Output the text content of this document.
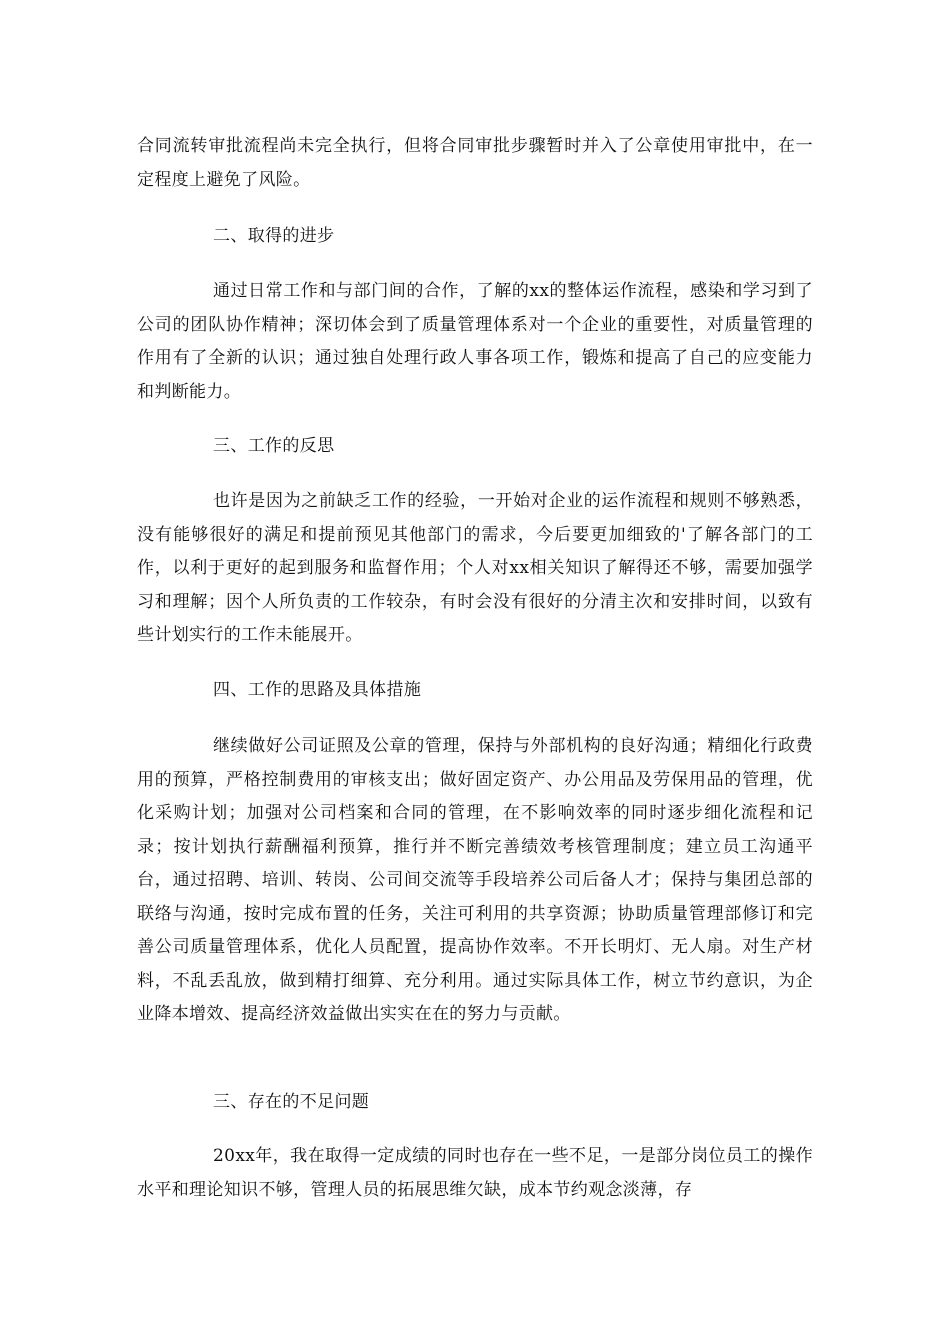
合同流转审批流程尚未完全执行，但将合同审批步骤暂时并入了公章使用审批中，在一定程度上避免了风险。

二、取得的进步

通过日常工作和与部门间的合作，了解的xx的整体运作流程，感染和学习到了公司的团队协作精神；深切体会到了质量管理体系对一个企业的重要性，对质量管理的作用有了全新的认识；通过独自处理行政人事各项工作，锻炼和提高了自己的应变能力和判断能力。

三、工作的反思

也许是因为之前缺乏工作的经验，一开始对企业的运作流程和规则不够熟悉，没有能够很好的满足和提前预见其他部门的需求，今后要更加细致的'了解各部门的工作，以利于更好的起到服务和监督作用；个人对xx相关知识了解得还不够，需要加强学习和理解；因个人所负责的工作较杂，有时会没有很好的分清主次和安排时间，以致有些计划实行的工作未能展开。

四、工作的思路及具体措施

继续做好公司证照及公章的管理，保持与外部机构的良好沟通；精细化行政费用的预算，严格控制费用的审核支出；做好固定资产、办公用品及劳保用品的管理，优化采购计划；加强对公司档案和合同的管理，在不影响效率的同时逐步细化流程和记录；按计划执行薪酬福利预算，推行并不断完善绩效考核管理制度；建立员工沟通平台，通过招聘、培训、转岗、公司间交流等手段培养公司后备人才；保持与集团总部的联络与沟通，按时完成布置的任务，关注可利用的共享资源；协助质量管理部修订和完善公司质量管理体系，优化人员配置，提高协作效率。不开长明灯、无人扇。对生产材料，不乱丢乱放，做到精打细算、充分利用。通过实际具体工作，树立节约意识，为企业降本增效、提高经济效益做出实实在在的努力与贡献。

三、存在的不足问题

20xx年，我在取得一定成绩的同时也存在一些不足，一是部分岗位员工的操作水平和理论知识不够，管理人员的拓展思维欠缺，成本节约观念淡薄，存
